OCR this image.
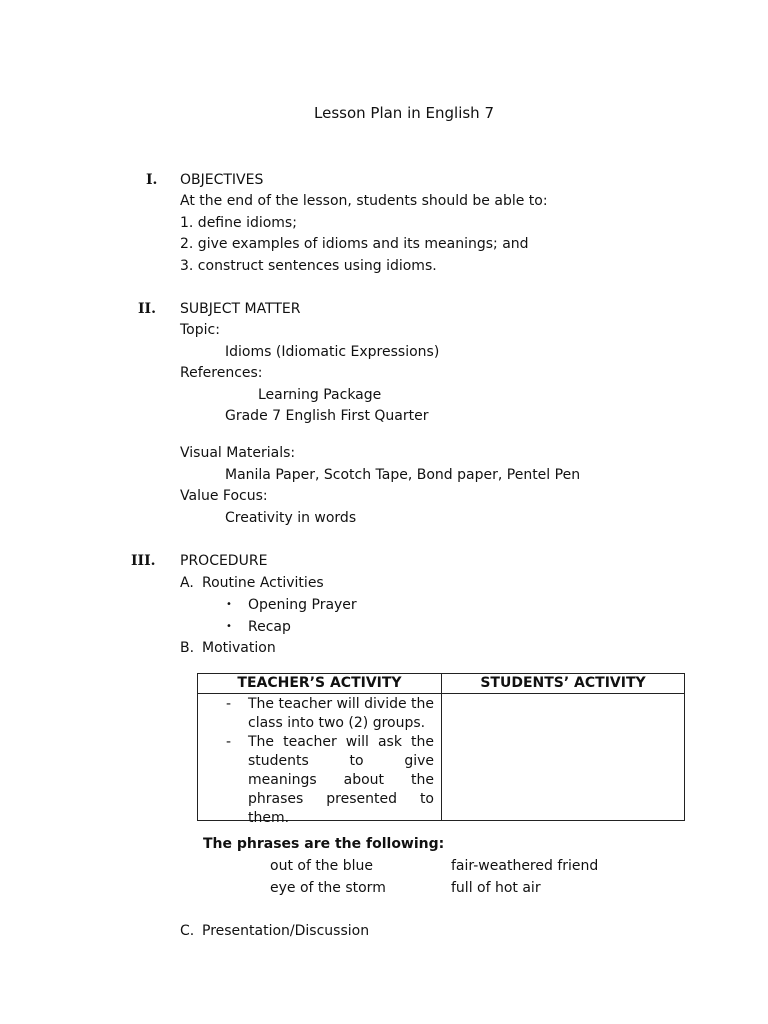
Lesson Plan in English 7
I. OBJECTIVES
At the end of the lesson, students should be able to:
1. define idioms;
2. give examples of idioms and its meanings; and
3. construct sentences using idioms.
II. SUBJECT MATTER
Topic:
Idioms (Idiomatic Expressions)
References:
Learning Package
Grade 7 English First Quarter
Visual Materials:
Manila Paper, Scotch Tape, Bond paper, Pentel Pen
Value Focus:
Creativity in words
III. PROCEDURE
A. Routine Activities
• Opening Prayer
• Recap
B. Motivation
TEACHER’S ACTIVITY	STUDENTS’ ACTIVITY

- The teacher will divide the class into two (2) groups.
- The teacher will ask the students to give meanings about the phrases presented to them.	

The phrases are the following:
out of the blue	fair-weathered friend
eye of the storm	full of hot air
C. Presentation/Discussion
